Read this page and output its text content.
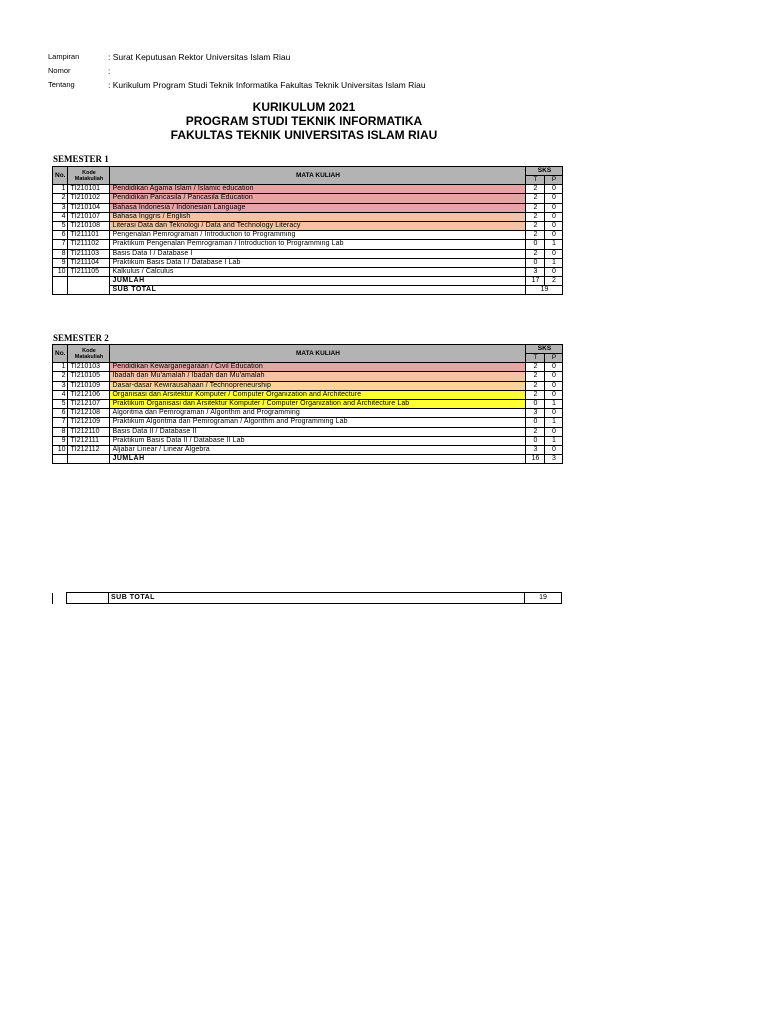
Lampiran	: Surat Keputusan Rektor Universitas Islam Riau
Nomor	:
Tentang	: Kurikulum Program Studi Teknik Informatika Fakultas Teknik Universitas Islam Riau
KURIKULUM 2021
PROGRAM STUDI TEKNIK INFORMATIKA
FAKULTAS TEKNIK UNIVERSITAS ISLAM RIAU
SEMESTER 1
No.	Kode Matakuliah	MATA KULIAH	SKS	
			T	P
1	TI210101	Pendidikan Agama Islam / Islamic education	2	0
2	TI210102	Pendidikan Pancasila / Pancasila Education	2	0
3	TI210104	Bahasa Indonesia / Indonesian Language	2	0
4	TI210107	Bahasa Inggris / English	2	0
5	TI210108	Literasi Data dan Teknologi / Data and Technology Literacy	2	0
6	TI211101	Pengenalan Pemrograman / Introduction to Programming	2	0
7	TI211102	Praktikum Pengenalan Pemrograman / Introduction to Programming Lab	0	1
8	TI211103	Basis Data I / Database I	2	0
9	TI211104	Praktikum Basis Data I / Database I Lab	0	1
10	TI211105	Kalkulus / Calculus	3	0
		JUMLAH	17	2
		SUB TOTAL	19	
SEMESTER 2
No.	Kode Matakuliah	MATA KULIAH	SKS	
			T	P
1	TI210103	Pendidikan Kewarganegaraan / Civil Education	2	0
2	TI210105	Ibadah dan Mu'amalah / Ibadah dan Mu'amalah	2	0
3	TI210109	Dasar-dasar Kewirausahaan / Technopreneurship	2	0
4	TI212106	Organisasi dan Arsitektur Komputer / Computer Organization and Architecture	2	0
5	TI212107	Praktikum Organisasi dan Arsitektur Komputer / Computer Organization and Architecture Lab	0	1
6	TI212108	Algoritma dan Pemrograman / Algorithm and Programming	3	0
7	TI212109	Praktikum Algoritma dan Pemrograman / Algorithm and Programming Lab	0	1
8	TI212110	Basis Data II / Database II	2	0
9	TI212111	Praktikum Basis Data II / Database II Lab	0	1
10	TI212112	Aljabar Linear / Linear Algebra	3	0
		JUMLAH	16	3
		SUB TOTAL	19
